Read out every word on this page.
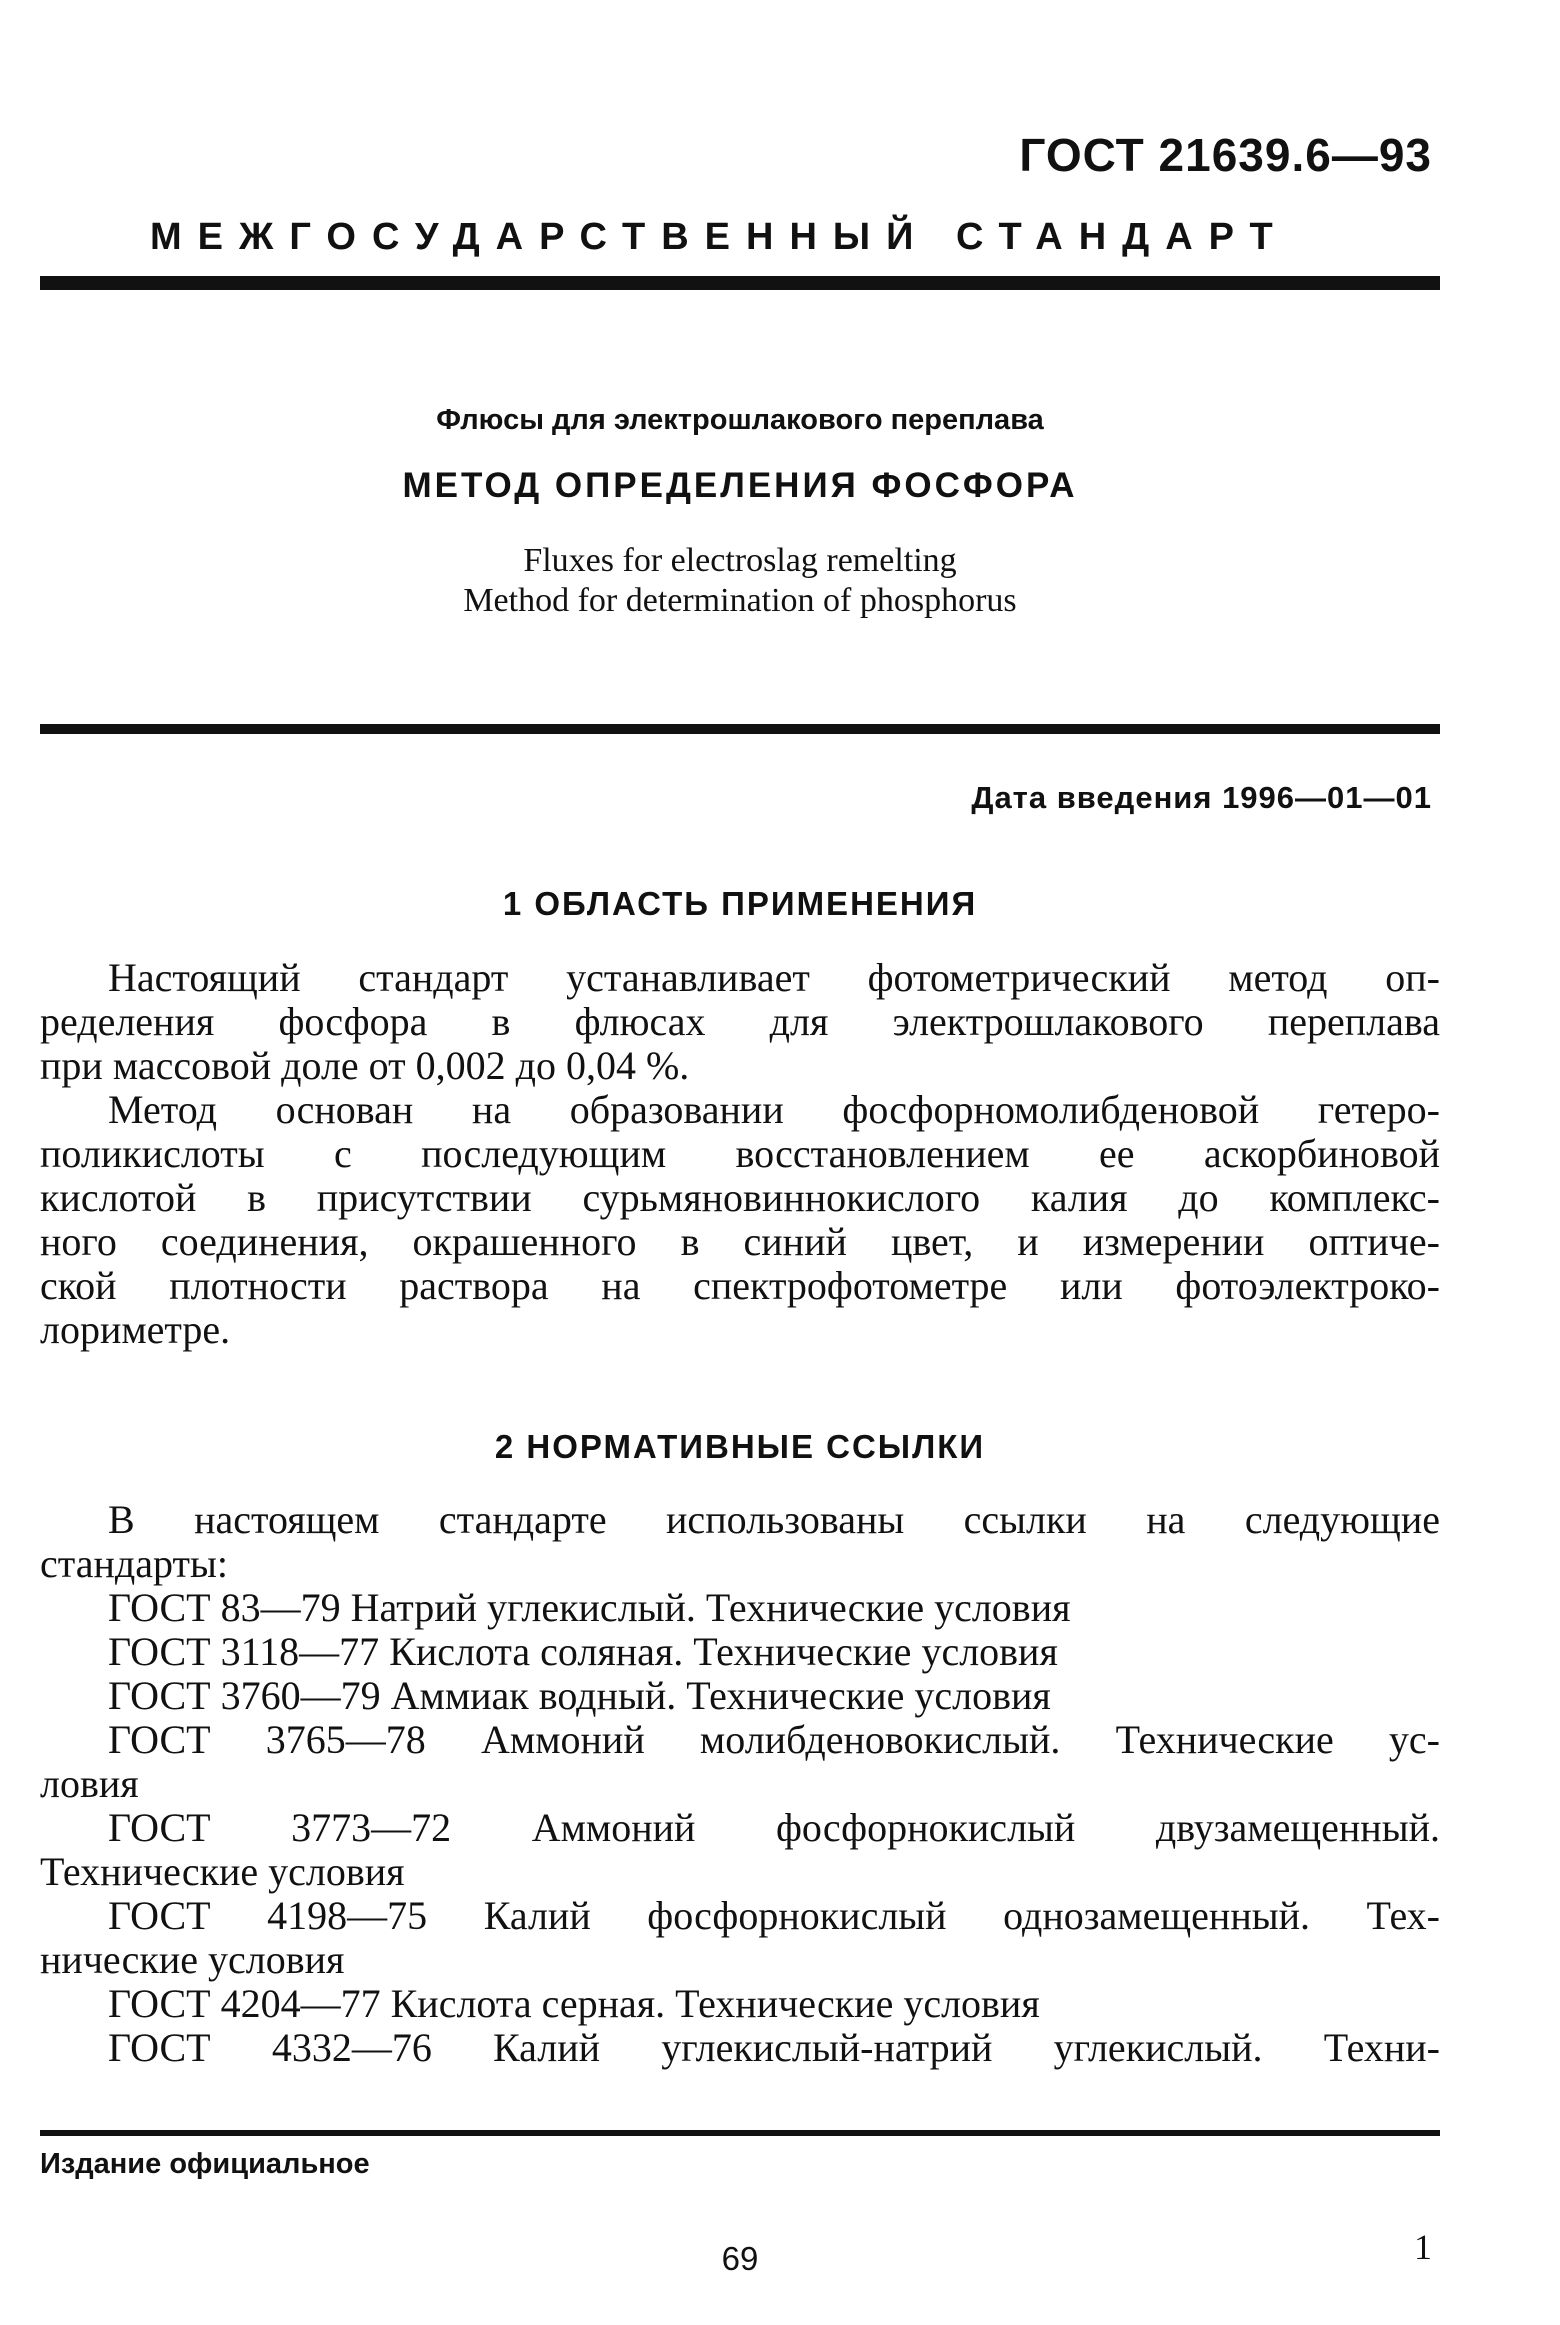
ГОСТ 21639.6—93
МЕЖГОСУДАРСТВЕННЫЙ СТАНДАРТ
Флюсы для электрошлакового переплава
МЕТОД ОПРЕДЕЛЕНИЯ ФОСФОРА
Fluxes for electroslag remelting
Method for determination of phosphorus
Дата введения 1996—01—01
1 ОБЛАСТЬ ПРИМЕНЕНИЯ
Настоящий стандарт устанавливает фотометрический метод оп-
ределения фосфора в флюсах для электрошлакового переплава
при массовой доле от 0,002 до 0,04 %.
Метод основан на образовании фосфорномолибденовой гетеро-
поликислоты с последующим восстановлением ее аскорбиновой
кислотой в присутствии сурьмяновиннокислого калия до комплекс-
ного соединения, окрашенного в синий цвет, и измерении оптиче-
ской плотности раствора на спектрофотометре или фотоэлектроко-
лориметре.
2 НОРМАТИВНЫЕ ССЫЛКИ
В настоящем стандарте использованы ссылки на следующие
стандарты:
ГОСТ 83—79 Натрий углекислый. Технические условия
ГОСТ 3118—77 Кислота соляная. Технические условия
ГОСТ 3760—79 Аммиак водный. Технические условия
ГОСТ 3765—78 Аммоний молибденовокислый. Технические ус-
ловия
ГОСТ 3773—72 Аммоний фосфорнокислый двузамещенный.
Технические условия
ГОСТ 4198—75 Калий фосфорнокислый однозамещенный. Тех-
нические условия
ГОСТ 4204—77 Кислота серная. Технические условия
ГОСТ 4332—76 Калий углекислый-натрий углекислый. Техни-
Издание официальное
69	1
